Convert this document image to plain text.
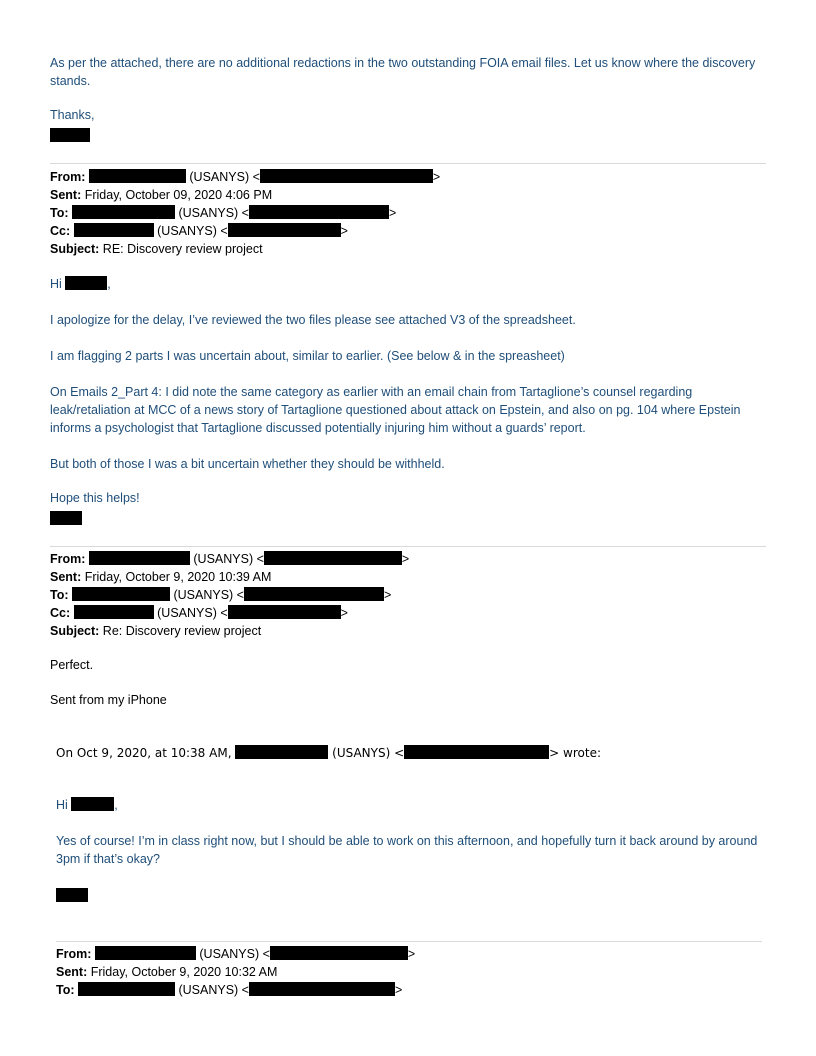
As per the attached, there are no additional redactions in the two outstanding FOIA email files. Let us know where the discovery stands.
Thanks,
From:	(USANYS) <	>
Sent: Friday, October 09, 2020 4:06 PM
To:	(USANYS) <	>
Cc:	(USANYS) <	>
Subject: RE: Discovery review project
Hi	,
I apologize for the delay, I’ve reviewed the two files please see attached V3 of the spreadsheet.
I am flagging 2 parts I was uncertain about, similar to earlier. (See below & in the spreasheet)
On Emails 2_Part 4: I did note the same category as earlier with an email chain from Tartaglione’s counsel regarding leak/retaliation at MCC of a news story of Tartaglione questioned about attack on Epstein, and also on pg. 104 where Epstein informs a psychologist that Tartaglione discussed potentially injuring him without a guards’ report.
But both of those I was a bit uncertain whether they should be withheld.
Hope this helps!
From:	(USANYS) <	>
Sent: Friday, October 9, 2020 10:39 AM
To:	(USANYS) <	>
Cc:	(USANYS) <	>
Subject: Re: Discovery review project
Perfect.
Sent from my iPhone
On Oct 9, 2020, at 10:38 AM,	(USANYS) <	> wrote:
Hi	,
Yes of course! I’m in class right now, but I should be able to work on this afternoon, and hopefully turn it back around by around 3pm if that’s okay?
From:	(USANYS) <	>
Sent: Friday, October 9, 2020 10:32 AM
To:	(USANYS) <	>
